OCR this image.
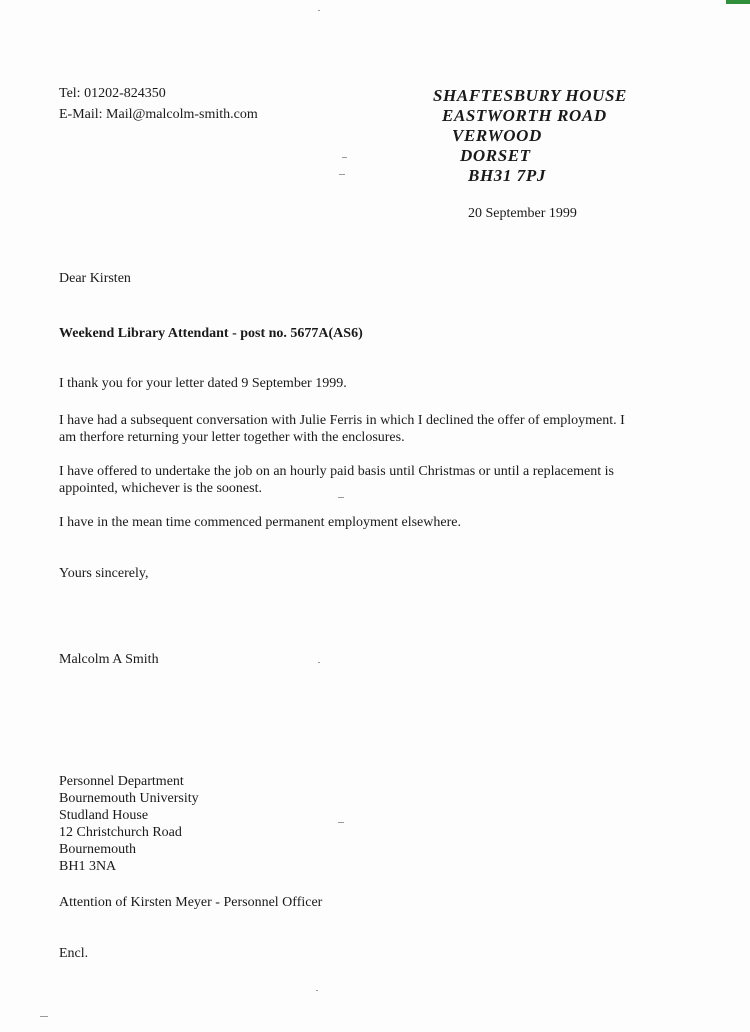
Tel: 01202-824350
E-Mail: Mail@malcolm-smith.com
SHAFTESBURY HOUSE
EASTWORTH ROAD
VERWOOD
DORSET
BH31 7PJ
20 September 1999
Dear Kirsten
Weekend Library Attendant - post no. 5677A(AS6)
I thank you for your letter dated 9 September 1999.
I have had a subsequent conversation with Julie Ferris in which I declined the offer of employment. I
am therfore returning your letter together with the enclosures.
I have offered to undertake the job on an hourly paid basis until Christmas or until a replacement is
appointed, whichever is the soonest.
I have in the mean time commenced permanent employment elsewhere.
Yours sincerely,
Malcolm A Smith
Personnel Department
Bournemouth University
Studland House
12 Christchurch Road
Bournemouth
BH1 3NA
Attention of Kirsten Meyer - Personnel Officer
Encl.
